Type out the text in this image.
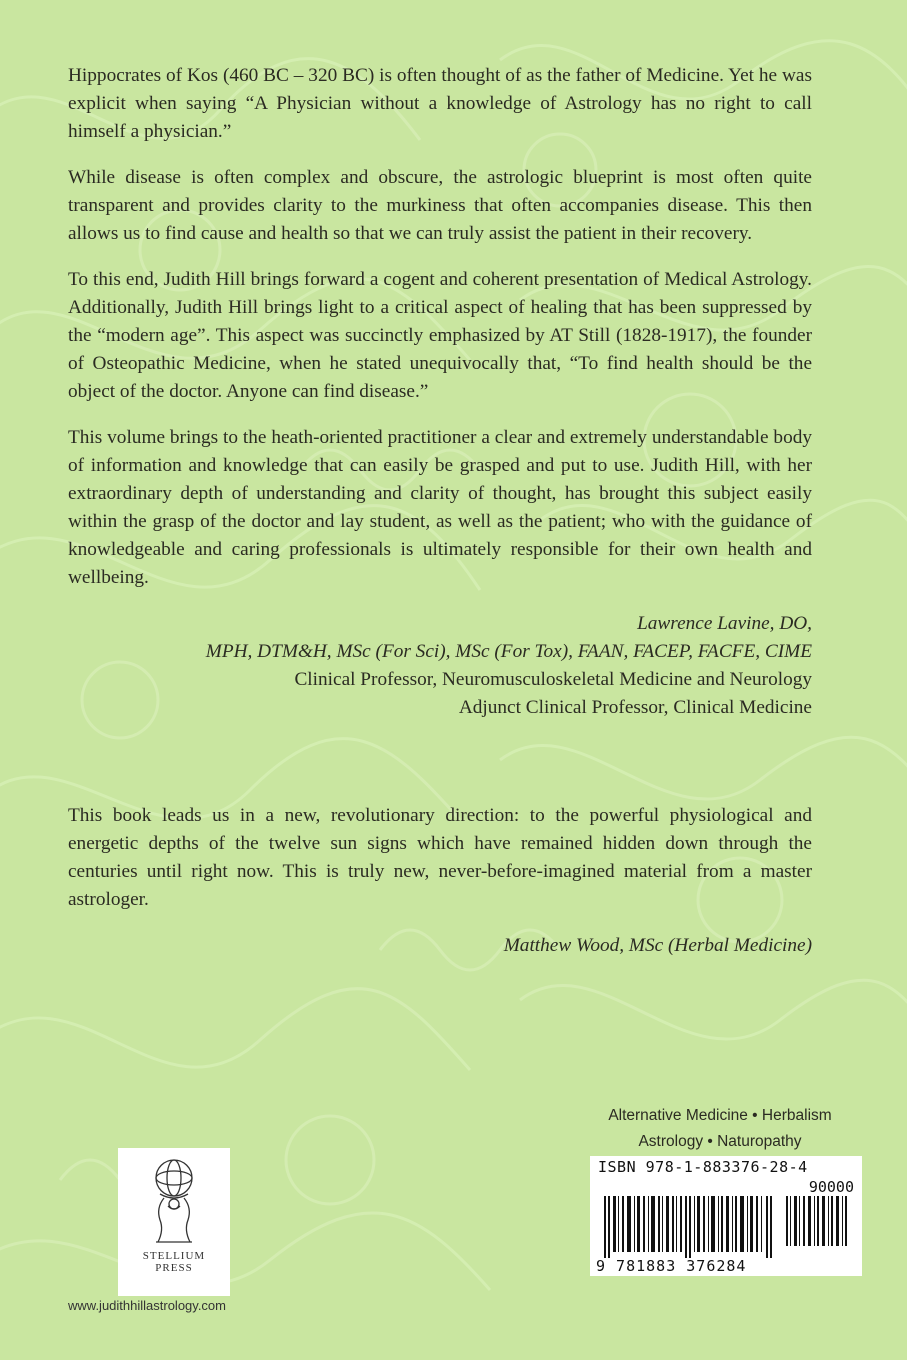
Hippocrates of Kos (460 BC – 320 BC) is often thought of as the father of Medicine. Yet he was explicit when saying “A Physician without a knowledge of Astrology has no right to call himself a physician.”

While disease is often complex and obscure, the astrologic blueprint is most often quite transparent and provides clarity to the murkiness that often accompanies disease. This then allows us to find cause and health so that we can truly assist the patient in their recovery.

To this end, Judith Hill brings forward a cogent and coherent presentation of Medical Astrology. Additionally, Judith Hill brings light to a critical aspect of healing that has been suppressed by the “modern age”. This aspect was succinctly emphasized by AT Still (1828-1917), the founder of Osteopathic Medicine, when he stated unequivocally that, “To find health should be the object of the doctor. Anyone can find disease.”

This volume brings to the heath-oriented practitioner a clear and extremely understandable body of information and knowledge that can easily be grasped and put to use. Judith Hill, with her extraordinary depth of understanding and clarity of thought, has brought this subject easily within the grasp of the doctor and lay student, as well as the patient; who with the guidance of knowledgeable and caring professionals is ultimately responsible for their own health and wellbeing.

Lawrence Lavine, DO,
MPH, DTM&H, MSc (For Sci), MSc (For Tox), FAAN, FACEP, FACFE, CIME
Clinical Professor, Neuromusculoskeletal Medicine and Neurology
Adjunct Clinical Professor, Clinical Medicine

This book leads us in a new, revolutionary direction: to the powerful physiological and energetic depths of the twelve sun signs which have remained hidden down through the centuries until right now. This is truly new, never-before-imagined material from a master astrologer.

Matthew Wood, MSc (Herbal Medicine)
Alternative Medicine • Herbalism
Astrology • Naturopathy
STELLIUM
PRESS
www.judithhillastrology.com
ISBN 978-1-883376-28-4
90000
9 781883 376284
